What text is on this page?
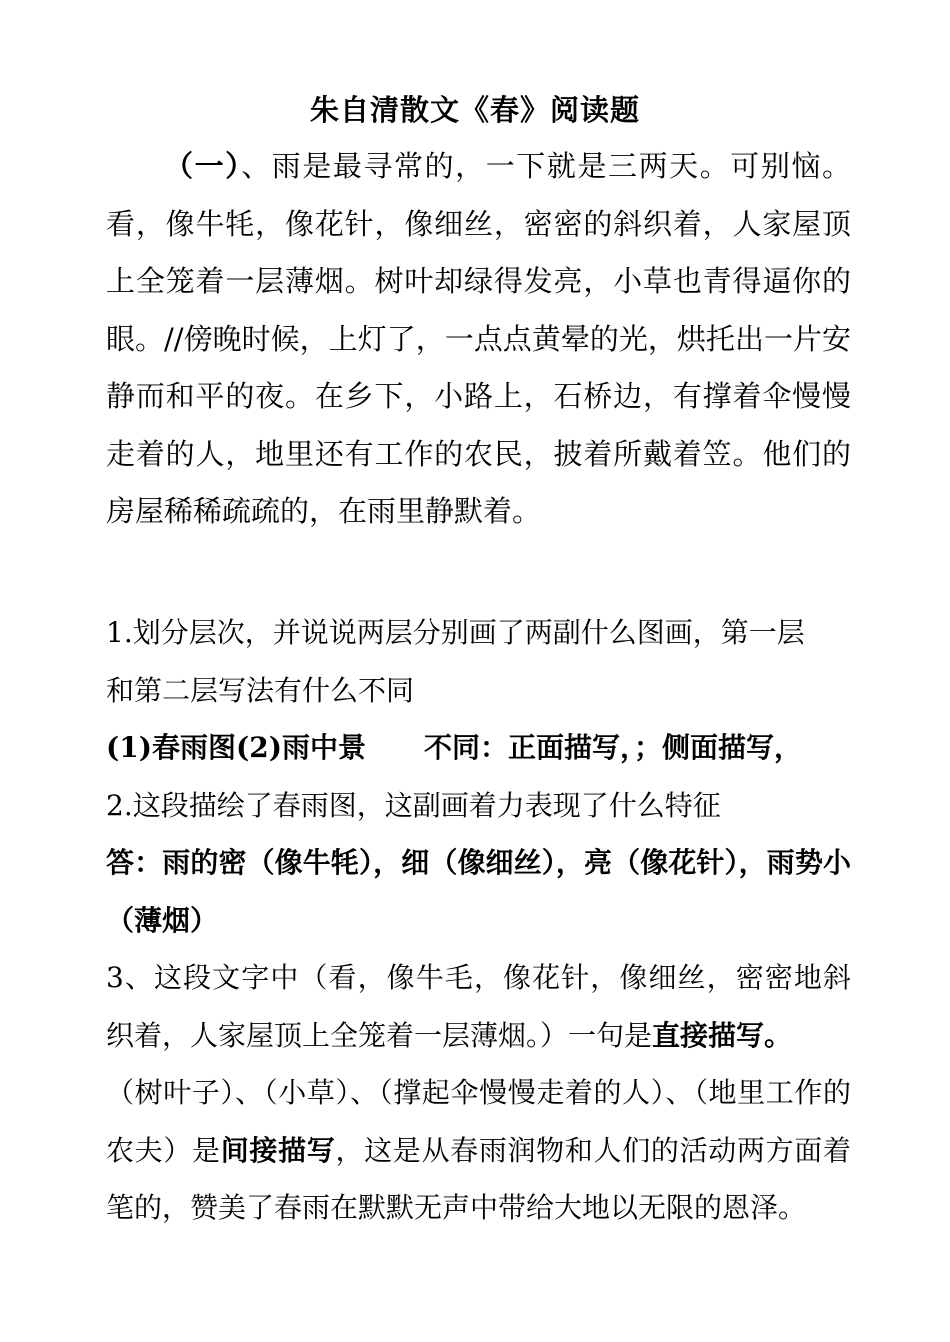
朱自清散文《春》阅读题

（一）、雨是最寻常的，一下就是三两天。可别恼。看，像牛牦，像花针，像细丝，密密的斜织着，人家屋顶上全笼着一层薄烟。树叶却绿得发亮，小草也青得逼你的眼。//傍晚时候，上灯了，一点点黄晕的光，烘托出一片安静而和平的夜。在乡下，小路上，石桥边，有撑着伞慢慢走着的人，地里还有工作的农民，披着所戴着笠。他们的房屋稀稀疏疏的，在雨里静默着。

1.划分层次，并说说两层分别画了两副什么图画，第一层
和第二层写法有什么不同
(1)春雨图(2)雨中景 不同：正面描写，；侧面描写，
2.这段描绘了春雨图，这副画着力表现了什么特征

答：雨的密（像牛牦），细（像细丝），亮（像花针），雨势小（薄烟）

3、这段文字中（看，像牛毛，像花针，像细丝，密密地斜织着，人家屋顶上全笼着一层薄烟。）一句是直接描写。

（树叶子）、（小草）、（撑起伞慢慢走着的人）、（地里工作的农夫）是间接描写，这是从春雨润物和人们的活动两方面着笔的，赞美了春雨在默默无声中带给大地以无限的恩泽。
